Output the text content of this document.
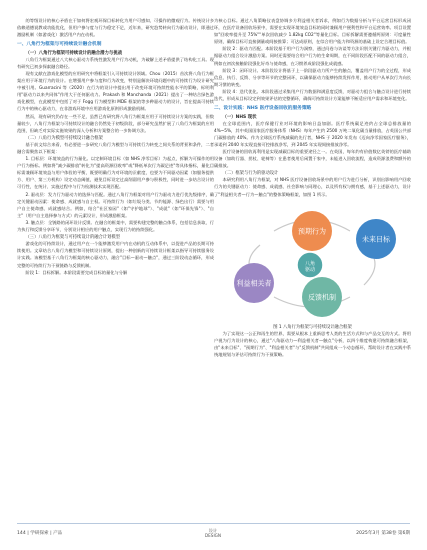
的等级设计的核心矛盾在于如何将宏观环保目标转化为用户可感知、可操作的微观行为。传统设计多依赖道德说教或功能优化，但用户参与度与行为稳定不足，近年来，研究趋势转向行为驱动设计，即通过激励机制（如游戏化）激活用户内在动机。

一、八角行为框架与可持续设计融合机制

（一）八角行为框架可持续设计的融合潜力与挑战

八角行为框架通过八大核心驱动力系统性激发用户行为动机，为破解上述矛盾提供了结构化工具。现有研究已初步探索融合路径。

现有文献在游戏化模型的应用研究中将框架引入可持续设计领域。Chou（2015）首次将八角行为框架应用于环境行为的设计。在增强用户参与度和行为改变，特别是解决环境问题中的可持续行为设计研究中被引用。Guarracini 等（2020）在行为的设计中提出用于改变环境可持续性能水平的策略，标明利用"驱动力以来共同体"作用大于任何驱动力。Prakash 和 Manchanda（2021）提出了一种结合绿色游戏化模型，在此模型中包括了对于 Fogg 行为模型和 MDE 框架的等多种驱动力的设计，旨在提高可持续行为中的核心驱动力，在非游戏环境中应用游戏化原则形成激励机制。

然而，现有研究仍存在一些不足，虽然已有研究将八角行为框架应用于可持续设计方案的实践，但数量较少，八角行为框架与可持续设计的融合仍然处于初级阶段，部分研究虽然扩展了八角行为框架的应用范围，但缺乏对实际实施效果的深入分析和方案整合的一多协调方法。

（二）八角行为模型可持续设计融合框架

基于前文综合来看，有必要进一步研究八角行为模型与可持续行为转变之间关系的背景和条件，二者融合需聚焦以下框架：

1. 目标层：环境效益的行为量化。以定制环境目标（如 NHS 净零目标）为起点，拆解为可操作的用户行为指标。例如将"减少碳排放"转化为"提高资源回收率"或"降低单次行为碳足迹"等具体指标，量化目标需兼顾环境效益与用户体验的平衡，既要明确行为对环境的贡献度，也要为不同驱动因素（如服务提供方、用户、第三方机构）设定动态阈值，避免目标设定过高削弱用户参与积极性，同时进一步结合设计的可行性，在统计、实施过程中与行为检测技术实现匹配。

2. 驱动层：发力行为驱动力的选择与匹配。通过八角行为框架对用户行为驱动力进行优先级排序，确定关键驱动因素：使命感、成就感与自主权。可持续行为（如垃圾分类、节约能源、绿色出行）需要与用户自主使命感、成就感结合。例如，结合"社区家园"（如"守护地球"）、"成就"（如"环保先锋"）、"自主"（用户自主选择参与方式）的元素设计，形成激励框架。

3. 触点层：全链路的闭环设计反馈。在融合的框架中，需要构建完整的触点体系，包括信息获取、行为执行和反馈分享环节，分别设计相应的用户触点，实现行为的持续强化。

（三）八角行为框架与可持续设计的融合计划模型

游戏化的可持续设计，通过用户在一个能够激发用户内在动机的互动体系中，以促进产品的长期可持续使用。文章结合八角行为模型和可持续设计原则，提出一种创新的可持续设计框架以指导可持续服务设计实践。该模型基于八角行为框架的核心驱动力，融合"目标—驱动—触点"，通过三阶段动态循环，形成完整的可持续行为干预链路与反馈机制。

阶段 1：目标拆解。本阶段需要完成目标的量化与分解

为核心目标。通过八角策略仪表盘协调多方利益相关者诉求，例如行为数据分析与平台运营目标形成闭环，在医疗设备回收场景中，需要在实现环境效益目标的同时兼顾用户便利性和平台运营效率。项目设置如"回收率提升至 75%""单次回收减少 1.82kg CO2"等量化目标。目标拆解需要遵循两原则：可度量性原则，确保目标可直接测量或间接推算；可达成原则，在综合用户能力和资源的基础上设定合理目标值。

阶段 2：驱动力匹配。本阶段基于用户行为洞察，通过问卷与访谈等方法识别关键行为驱动力，并根据驱动力组合设计激励方案。同时还需要结合用户行为的生命周期，在不同阶段匹配不同的驱动力组合，例如在初次接触阶段强化好奇与使命感，在习惯养成阶段强化成就感。

阶段 3：闭环设计。本阶段设计将基于上一阶段驱动力所产生的触点，覆盖用户行为的全过程，形成信息、执行、反馈、分享等环节的完整闭环，以确保驱动力能够持续发挥作用，推动用户从单次行为向长期习惯的转变。

阶段 4：迭代优化。本阶段通过采集用户行为数据和满意度反馈，对驱动力组合与触点设计进行持续迭代，形成从目标设定到效果评估的完整循环，确保可持续设计方案能够不断适应用户需求和环境变化。

二、设计实践：NHS 医疗设备回收的服务策略

（一）NHS 现状

在全球范围内，医疗保健行业对环境的影响日益加剧。医疗系统碳足迹约占全球总排放量的 4%~5%，其中英国国家医疗服务体系（NHS）每年产生约 2500 万吨二氧化碳当量排放，占英国公共部门碳排放的 40%。作为全球医疗系统减碳的先行者，NHS 于 2020 年发布《迈向净零国家医疗服务》，承诺到 2040 年实现直接可控排放净零，到 2045 年实现间接排放净零。

医疗设备的回收再利用是实现减碳目标的重要途径之一。在英国，每年约有价值数亿英镑的医疗辅助设备（如助行器、拐杖、轮椅等）在患者使用后闲置于家中，未能进入回收流程，造成资源浪费和额外的碳排放。

（二）框架与行为的驱动设计

本研究利用八角行为框架，对 NHS 医疗设备回收场景中的用户行为进行分析，识别出影响用户回收行为的关键驱动力：使命感、成就感、社会影响与同理心，以及所有权与拥有感，基于上述驱动力，设计了"利益相关者—行为—触点"的整体策略框架，如图 1 所示。

预期行为
未来目标
利益相关者
反馈机制
八角驱动

图 1 八角行为框架与可持续设计融合框架

为了实现这一公正和再生的世界，需要从根本上重新思考人类的生活方式和与产品交互的方式。将用户视为行为设计的核心，通过"八角驱动力—利益相关者—触点"分析，以四个维度构建可持续融合框架，由"未来目标"、"预期行为"、"利益相关者"与"反馈机制"共同组成一个动态循环，帮助设计者在实践中系统地规划与评估可持续行为干预策略。

144 | 学研探索 | 产品
设计
DESIGN	2025年3月 第38卷 第6期
